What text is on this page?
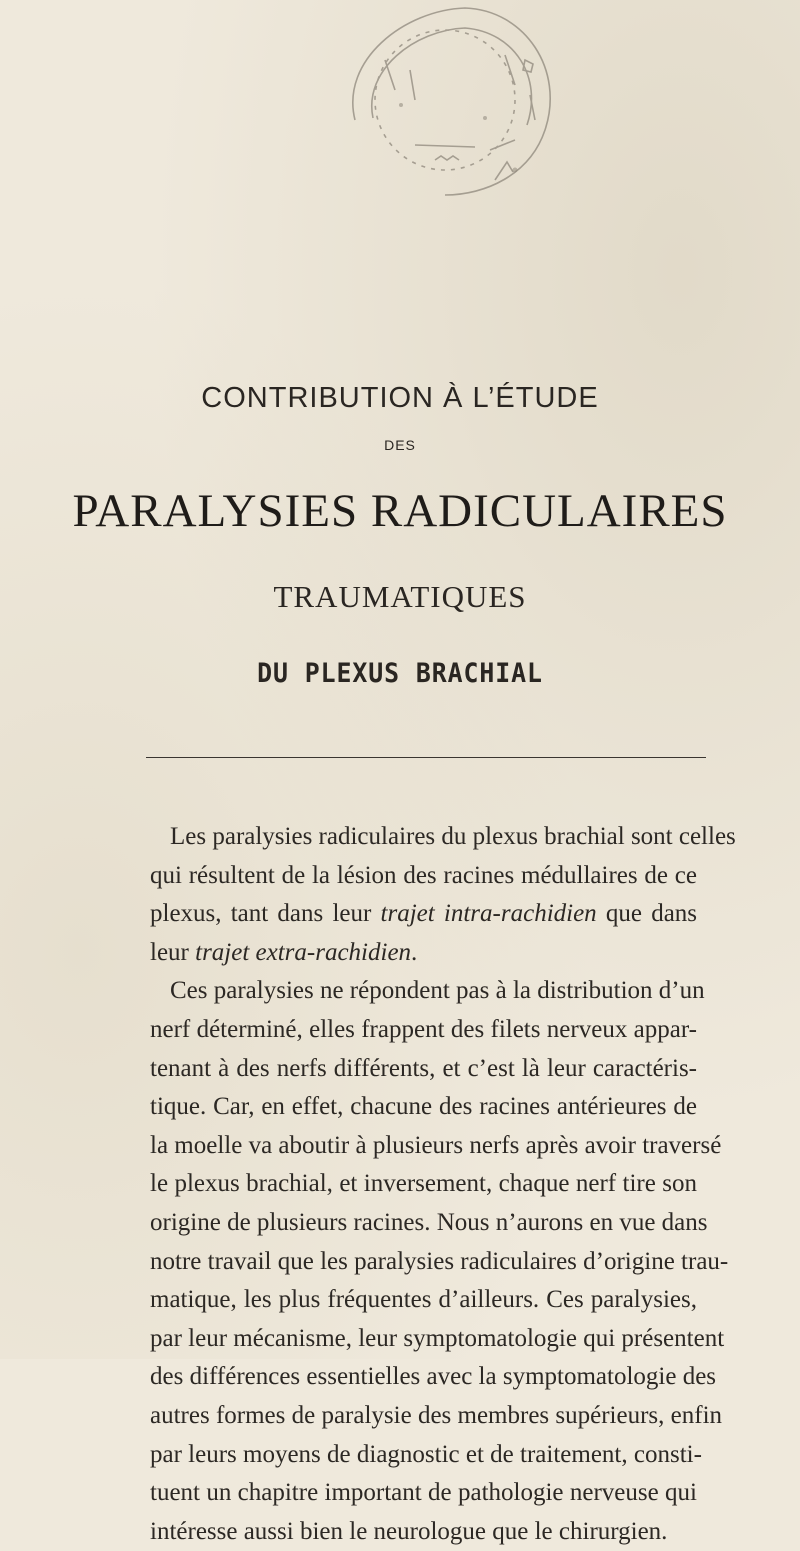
CONTRIBUTION À L’ÉTUDE
DES
PARALYSIES RADICULAIRES
TRAUMATIQUES
DU PLEXUS BRACHIAL
Les paralysies radiculaires du plexus brachial sont celles
qui résultent de la lésion des racines médullaires de ce
plexus, tant dans leur trajet intra-rachidien que dans
leur trajet extra-rachidien.
Ces paralysies ne répondent pas à la distribution d’un
nerf déterminé, elles frappent des filets nerveux appar-
tenant à des nerfs différents, et c’est là leur caractéris-
tique. Car, en effet, chacune des racines antérieures de
la moelle va aboutir à plusieurs nerfs après avoir traversé
le plexus brachial, et inversement, chaque nerf tire son
origine de plusieurs racines. Nous n’aurons en vue dans
notre travail que les paralysies radiculaires d’origine trau-
matique, les plus fréquentes d’ailleurs. Ces paralysies,
par leur mécanisme, leur symptomatologie qui présentent
des différences essentielles avec la symptomatologie des
autres formes de paralysie des membres supérieurs, enfin
par leurs moyens de diagnostic et de traitement, consti-
tuent un chapitre important de pathologie nerveuse qui
intéresse aussi bien le neurologue que le chirurgien.
